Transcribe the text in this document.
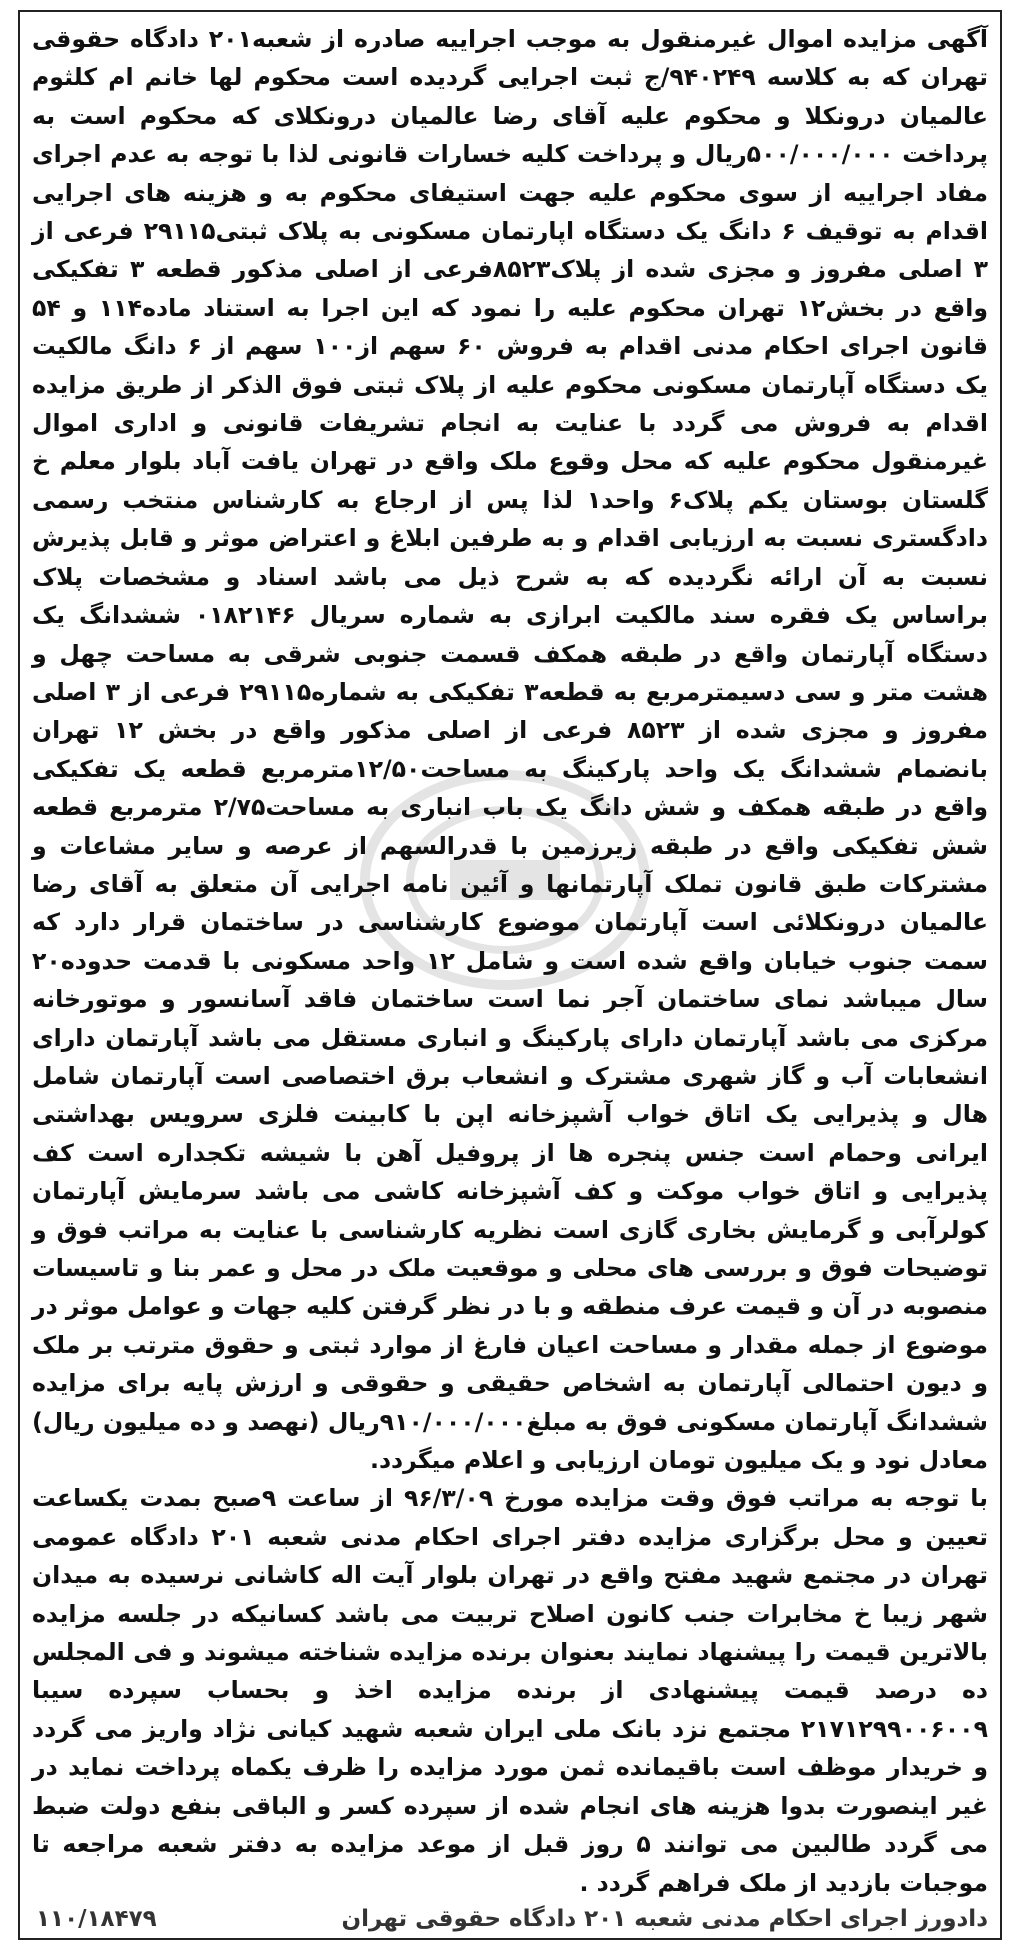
آگهی مزایده اموال غیرمنقول به موجب اجراییه صادره از شعبه۲۰۱ دادگاه حقوقی تهران که به کلاسه ۹۴۰۲۴۹/ج ثبت اجرایی گردیده است محکوم لها خانم ام کلثوم عالمیان درونکلا و محکوم علیه آقای رضا عالمیان درونکلای که محکوم است به پرداخت ۵۰۰/۰۰۰/۰۰۰ریال و پرداخت کلیه خسارات قانونی لذا با توجه به عدم اجرای مفاد اجراییه از سوی محکوم علیه جهت استیفای محکوم به و هزینه های اجرایی اقدام به توقیف ۶ دانگ یک دستگاه اپارتمان مسکونی به پلاک ثبتی۲۹۱۱۵ فرعی از ۳ اصلی مفروز و مجزی شده از پلاک۸۵۲۳فرعی از اصلی مذکور قطعه ۳ تفکیکی واقع در بخش۱۲ تهران محکوم علیه را نمود که این اجرا به استناد ماده۱۱۴ و ۵۴ قانون اجرای احکام مدنی اقدام به فروش ۶۰ سهم از۱۰۰ سهم از ۶ دانگ مالکیت یک دستگاه آپارتمان مسکونی محکوم علیه از پلاک ثبتی فوق الذکر از طریق مزایده اقدام به فروش می گردد با عنایت به انجام تشریفات قانونی و اداری اموال غیرمنقول محکوم علیه که محل وقوع ملک واقع در تهران یافت آباد بلوار معلم خ گلستان بوستان یکم پلاک۶ واحد۱ لذا پس از ارجاع به کارشناس منتخب رسمی دادگستری نسبت به ارزیابی اقدام و به طرفین ابلاغ و اعتراض موثر و قابل پذیرش نسبت به آن ارائه نگردیده که به شرح ذیل می باشد اسناد و مشخصات پلاک براساس یک فقره سند مالکیت ابرازی به شماره سریال ۰۱۸۲۱۴۶ ششدانگ یک دستگاه آپارتمان واقع در طبقه همکف قسمت جنوبی شرقی به مساحت چهل و هشت متر و سی دسیمترمربع به قطعه۳ تفکیکی به شماره۲۹۱۱۵ فرعی از ۳ اصلی مفروز و مجزی شده از ۸۵۲۳ فرعی از اصلی مذکور واقع در بخش ۱۲ تهران بانضمام ششدانگ یک واحد پارکینگ به مساحت۱۲/۵۰مترمربع قطعه یک تفکیکی واقع در طبقه همکف و شش دانگ یک باب انباری به مساحت۲/۷۵ مترمربع قطعه شش تفکیکی واقع در طبقه زیرزمین با قدرالسهم از عرصه و سایر مشاعات و مشترکات طبق قانون تملک آپارتمانها و آئین نامه اجرایی آن متعلق به آقای رضا عالمیان درونکلائی است آپارتمان موضوع کارشناسی در ساختمان قرار دارد که سمت جنوب خیابان واقع شده است و شامل ۱۲ واحد مسکونی با قدمت حدوده۲۰ سال میباشد نمای ساختمان آجر نما است ساختمان فاقد آسانسور و موتورخانه مرکزی می باشد آپارتمان دارای پارکینگ و انباری مستقل می باشد آپارتمان دارای انشعابات آب و گاز شهری مشترک و انشعاب برق اختصاصی است آپارتمان شامل هال و پذیرایی یک اتاق خواب آشپزخانه اپن با کابینت فلزی سرویس بهداشتی ایرانی وحمام است جنس پنجره ها از پروفیل آهن با شیشه تکجداره است کف پذیرایی و اتاق خواب موکت و کف آشپزخانه کاشی می باشد سرمایش آپارتمان کولرآبی و گرمایش بخاری گازی است نظریه کارشناسی با عنایت به مراتب فوق و توضیحات فوق و بررسی های محلی و موقعیت ملک در محل و عمر بنا و تاسیسات منصوبه در آن و قیمت عرف منطقه و با در نظر گرفتن کلیه جهات و عوامل موثر در موضوع از جمله مقدار و مساحت اعیان فارغ از موارد ثبتی و حقوق مترتب بر ملک و دیون احتمالی آپارتمان به اشخاص حقیقی و حقوقی و ارزش پایه برای مزایده ششدانگ آپارتمان مسکونی فوق به مبلغ۹۱۰/۰۰۰/۰۰۰ریال (نهصد و ده میلیون ریال) معادل نود و یک میلیون تومان ارزیابی و اعلام میگردد.

با توجه به مراتب فوق وقت مزایده مورخ ۹۶/۳/۰۹ از ساعت ۹صبح بمدت یکساعت تعیین و محل برگزاری مزایده دفتر اجرای احکام مدنی شعبه ۲۰۱ دادگاه عمومی تهران در مجتمع شهید مفتح واقع در تهران بلوار آیت اله کاشانی نرسیده به میدان شهر زیبا خ مخابرات جنب کانون اصلاح تربیت می باشد کسانیکه در جلسه مزایده بالاترین قیمت را پیشنهاد نمایند بعنوان برنده مزایده شناخته میشوند و فی المجلس ده درصد قیمت پیشنهادی از برنده مزایده اخذ و بحساب سپرده سیبا ۲۱۷۱۲۹۹۰۰۶۰۰۹ مجتمع نزد بانک ملی ایران شعبه شهید کیانی نژاد واریز می گردد و خریدار موظف است باقیمانده ثمن مورد مزایده را ظرف یکماه پرداخت نماید در غیر اینصورت بدوا هزینه های انجام شده از سپرده کسر و الباقی بنفع دولت ضبط می گردد طالبین می توانند ۵ روز قبل از موعد مزایده به دفتر شعبه مراجعه تا موجبات بازدید از ملک فراهم گردد .

دادورز اجرای احکام مدنی شعبه ۲۰۱ دادگاه حقوقی تهران
۱۱۰/۱۸۴۷۹
